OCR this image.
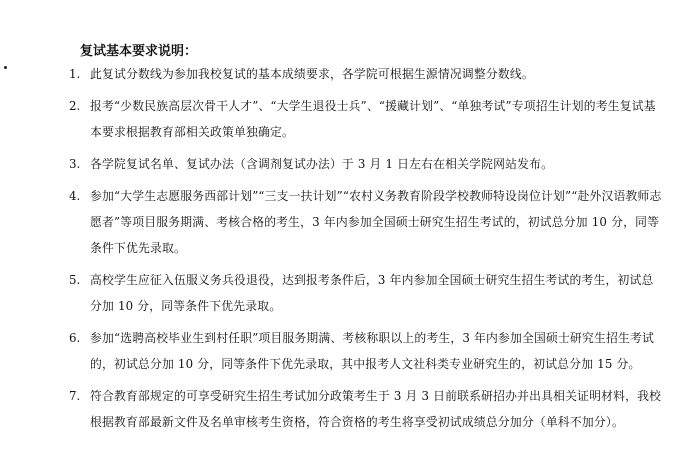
复试基本要求说明：
1. 此复试分数线为参加我校复试的基本成绩要求，各学院可根据生源情况调整分数线。
2. 报考“少数民族高层次骨干人才”、“大学生退役士兵”、“援藏计划”、“单独考试”专项招生计划的考生复试基本要求根据教育部相关政策单独确定。
3. 各学院复试名单、复试办法（含调剂复试办法）于 3 月 1 日左右在相关学院网站发布。
4. 参加“大学生志愿服务西部计划”“三支一扶计划”“农村义务教育阶段学校教师特设岗位计划”“赴外汉语教师志愿者”等项目服务期满、考核合格的考生，3 年内参加全国硕士研究生招生考试的，初试总分加 10 分，同等条件下优先录取。
5. 高校学生应征入伍服义务兵役退役，达到报考条件后，3 年内参加全国硕士研究生招生考试的考生，初试总分加 10 分，同等条件下优先录取。
6. 参加“选聘高校毕业生到村任职”项目服务期满、考核称职以上的考生，3 年内参加全国硕士研究生招生考试的，初试总分加 10 分，同等条件下优先录取，其中报考人文社科类专业研究生的，初试总分加 15 分。
7. 符合教育部规定的可享受研究生招生考试加分政策考生于 3 月 3 日前联系研招办并出具相关证明材料，我校根据教育部最新文件及名单审核考生资格，符合资格的考生将享受初试成绩总分加分（单科不加分）。
